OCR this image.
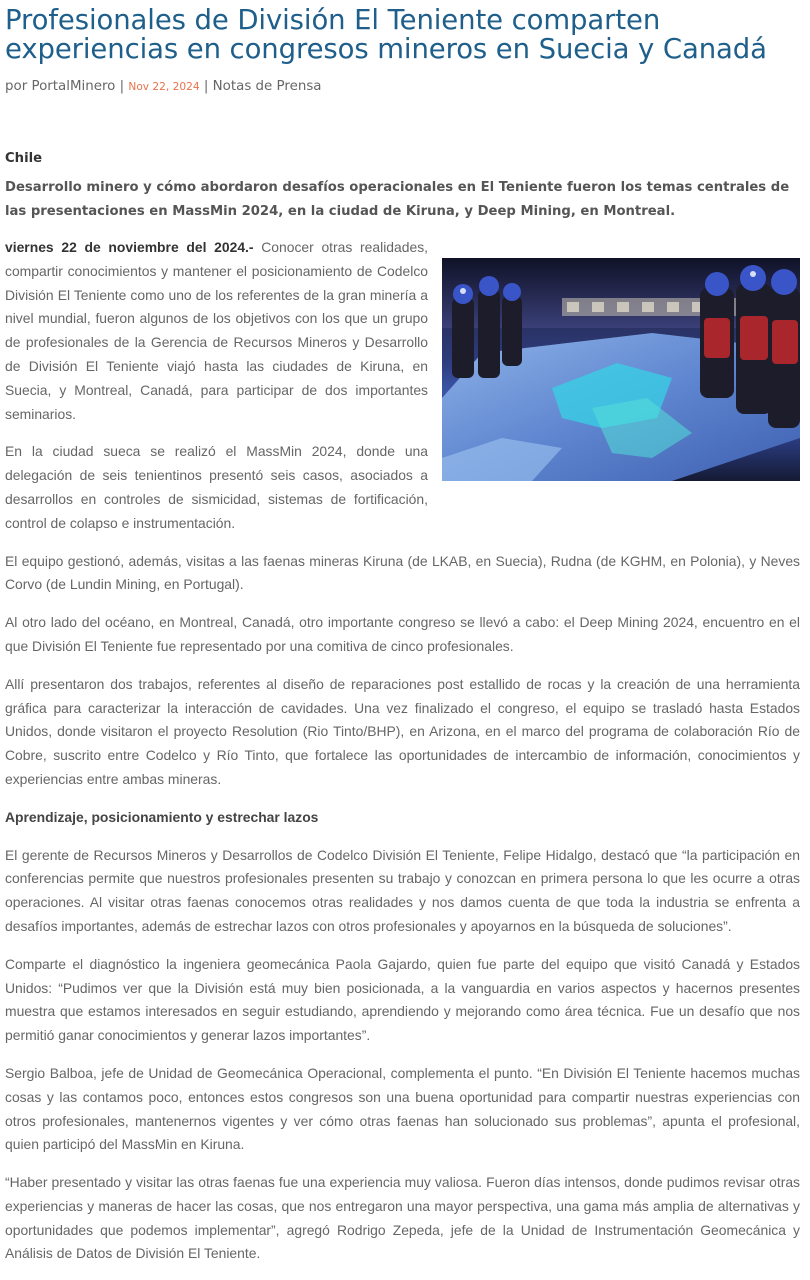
Profesionales de División El Teniente comparten experiencias en congresos mineros en Suecia y Canadá
por PortalMinero | Nov 22, 2024 | Notas de Prensa
Chile
Desarrollo minero y cómo abordaron desafíos operacionales en El Teniente fueron los temas centrales de las presentaciones en MassMin 2024, en la ciudad de Kiruna, y Deep Mining, en Montreal.

viernes 22 de noviembre del 2024.- Conocer otras realidades, compartir conocimientos y mantener el posicionamiento de Codelco División El Teniente como uno de los referentes de la gran minería a nivel mundial, fueron algunos de los objetivos con los que un grupo de profesionales de la Gerencia de Recursos Mineros y Desarrollo de División El Teniente viajó hasta las ciudades de Kiruna, en Suecia, y Montreal, Canadá, para participar de dos importantes seminarios.

En la ciudad sueca se realizó el MassMin 2024, donde una delegación de seis tenientinos presentó seis casos, asociados a desarrollos en controles de sismicidad, sistemas de fortificación, control de colapso e instrumentación.

El equipo gestionó, además, visitas a las faenas mineras Kiruna (de LKAB, en Suecia), Rudna (de KGHM, en Polonia), y Neves Corvo (de Lundin Mining, en Portugal).

Al otro lado del océano, en Montreal, Canadá, otro importante congreso se llevó a cabo: el Deep Mining 2024, encuentro en el que División El Teniente fue representado por una comitiva de cinco profesionales.

Allí presentaron dos trabajos, referentes al diseño de reparaciones post estallido de rocas y la creación de una herramienta gráfica para caracterizar la interacción de cavidades. Una vez finalizado el congreso, el equipo se trasladó hasta Estados Unidos, donde visitaron el proyecto Resolution (Rio Tinto/BHP), en Arizona, en el marco del programa de colaboración Río de Cobre, suscrito entre Codelco y Río Tinto, que fortalece las oportunidades de intercambio de información, conocimientos y experiencias entre ambas mineras.

Aprendizaje, posicionamiento y estrechar lazos

El gerente de Recursos Mineros y Desarrollos de Codelco División El Teniente, Felipe Hidalgo, destacó que “la participación en conferencias permite que nuestros profesionales presenten su trabajo y conozcan en primera persona lo que les ocurre a otras operaciones. Al visitar otras faenas conocemos otras realidades y nos damos cuenta de que toda la industria se enfrenta a desafíos importantes, además de estrechar lazos con otros profesionales y apoyarnos en la búsqueda de soluciones”.

Comparte el diagnóstico la ingeniera geomecánica Paola Gajardo, quien fue parte del equipo que visitó Canadá y Estados Unidos: “Pudimos ver que la División está muy bien posicionada, a la vanguardia en varios aspectos y hacernos presentes muestra que estamos interesados en seguir estudiando, aprendiendo y mejorando como área técnica. Fue un desafío que nos permitió ganar conocimientos y generar lazos importantes”.

Sergio Balboa, jefe de Unidad de Geomecánica Operacional, complementa el punto. “En División El Teniente hacemos muchas cosas y las contamos poco, entonces estos congresos son una buena oportunidad para compartir nuestras experiencias con otros profesionales, mantenernos vigentes y ver cómo otras faenas han solucionado sus problemas”, apunta el profesional, quien participó del MassMin en Kiruna.

“Haber presentado y visitar las otras faenas fue una experiencia muy valiosa. Fueron días intensos, donde pudimos revisar otras experiencias y maneras de hacer las cosas, que nos entregaron una mayor perspectiva, una gama más amplia de alternativas y oportunidades que podemos implementar”, agregó Rodrigo Zepeda, jefe de la Unidad de Instrumentación Geomecánica y Análisis de Datos de División El Teniente.
